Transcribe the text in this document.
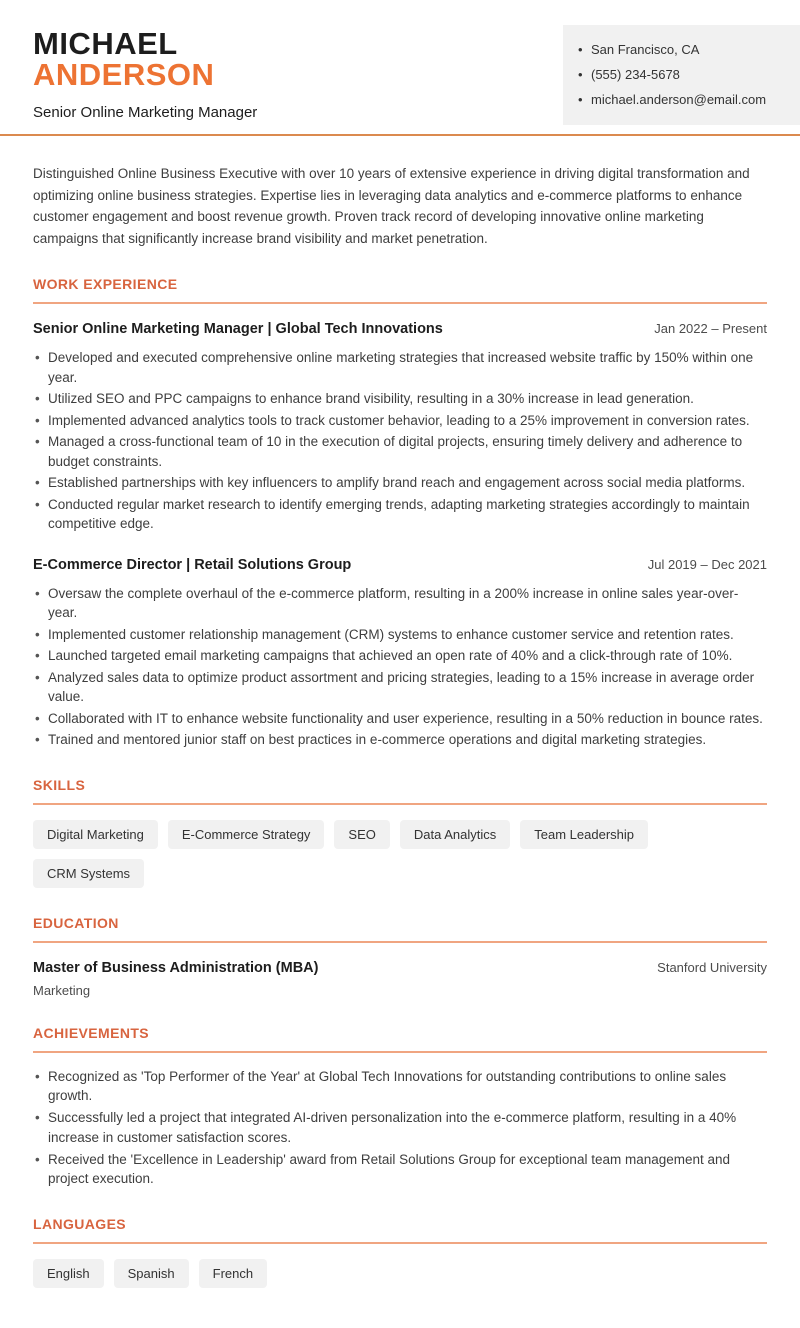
MICHAEL
ANDERSON
Senior Online Marketing Manager
• San Francisco, CA
• (555) 234-5678
• michael.anderson@email.com

Distinguished Online Business Executive with over 10 years of extensive experience in driving digital transformation and optimizing online business strategies. Expertise lies in leveraging data analytics and e-commerce platforms to enhance customer engagement and boost revenue growth. Proven track record of developing innovative online marketing campaigns that significantly increase brand visibility and market penetration.

WORK EXPERIENCE
Senior Online Marketing Manager | Global Tech Innovations	Jan 2022 – Present
• Developed and executed comprehensive online marketing strategies that increased website traffic by 150% within one year.
• Utilized SEO and PPC campaigns to enhance brand visibility, resulting in a 30% increase in lead generation.
• Implemented advanced analytics tools to track customer behavior, leading to a 25% improvement in conversion rates.
• Managed a cross-functional team of 10 in the execution of digital projects, ensuring timely delivery and adherence to budget constraints.
• Established partnerships with key influencers to amplify brand reach and engagement across social media platforms.
• Conducted regular market research to identify emerging trends, adapting marketing strategies accordingly to maintain competitive edge.
E-Commerce Director | Retail Solutions Group	Jul 2019 – Dec 2021
• Oversaw the complete overhaul of the e-commerce platform, resulting in a 200% increase in online sales year-over-year.
• Implemented customer relationship management (CRM) systems to enhance customer service and retention rates.
• Launched targeted email marketing campaigns that achieved an open rate of 40% and a click-through rate of 10%.
• Analyzed sales data to optimize product assortment and pricing strategies, leading to a 15% increase in average order value.
• Collaborated with IT to enhance website functionality and user experience, resulting in a 50% reduction in bounce rates.
• Trained and mentored junior staff on best practices in e-commerce operations and digital marketing strategies.
SKILLS
Digital Marketing	E-Commerce Strategy	SEO	Data Analytics	Team Leadership
CRM Systems
EDUCATION
Master of Business Administration (MBA)	Stanford University
Marketing
ACHIEVEMENTS
• Recognized as 'Top Performer of the Year' at Global Tech Innovations for outstanding contributions to online sales growth.
• Successfully led a project that integrated AI-driven personalization into the e-commerce platform, resulting in a 40% increase in customer satisfaction scores.
• Received the 'Excellence in Leadership' award from Retail Solutions Group for exceptional team management and project execution.
LANGUAGES
English	Spanish	French
